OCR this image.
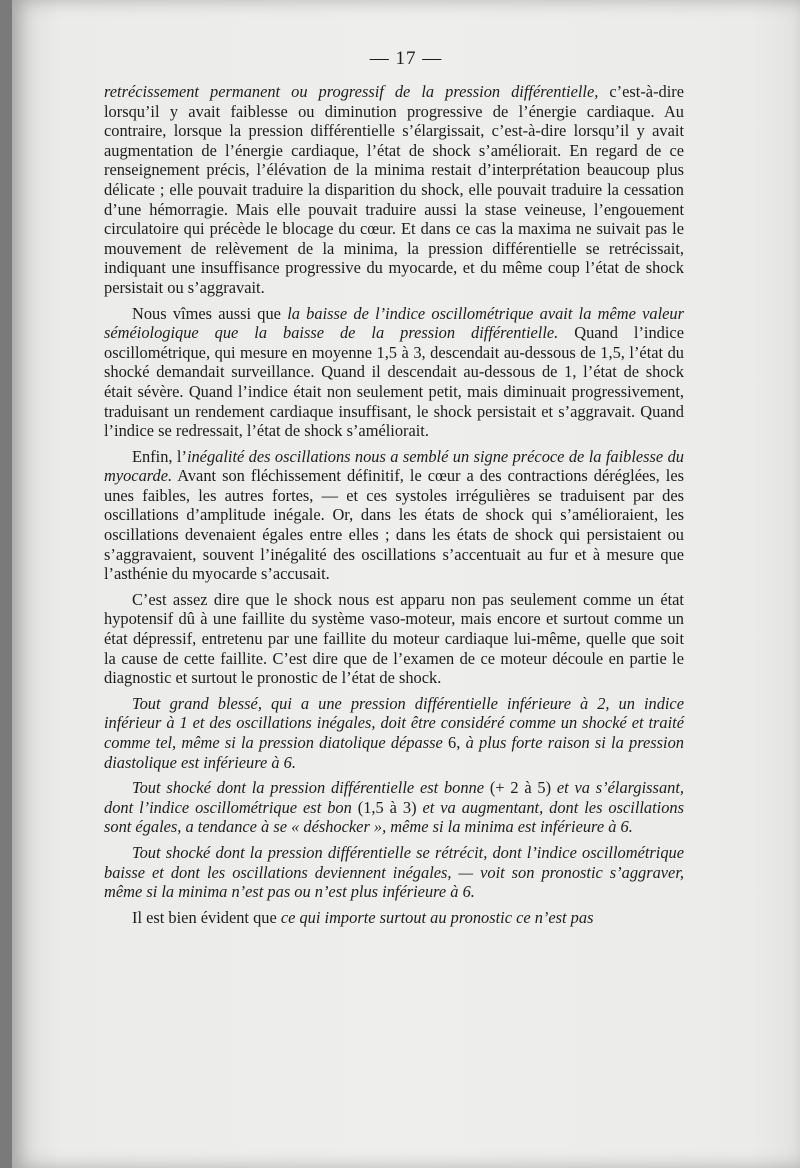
— 17 —

retrécissement permanent ou progressif de la pression différentielle, c’est-à-dire lorsqu’il y avait faiblesse ou diminution progressive de l’énergie cardiaque. Au contraire, lorsque la pression différentielle s’élargissait, c’est-à-dire lorsqu’il y avait augmentation de l’énergie cardiaque, l’état de shock s’améliorait. En regard de ce renseignement précis, l’élévation de la minima restait d’interprétation beaucoup plus délicate ; elle pouvait traduire la disparition du shock, elle pouvait traduire la cessation d’une hémorragie. Mais elle pouvait traduire aussi la stase veineuse, l’engouement circulatoire qui précède le blocage du cœur. Et dans ce cas la maxima ne suivait pas le mouvement de relèvement de la minima, la pression différentielle se retrécissait, indiquant une insuffisance progressive du myocarde, et du même coup l’état de shock persistait ou s’aggravait.

Nous vîmes aussi que la baisse de l’indice oscillométrique avait la même valeur séméiologique que la baisse de la pression différentielle. Quand l’indice oscillométrique, qui mesure en moyenne 1,5 à 3, descendait au-dessous de 1,5, l’état du shocké demandait surveillance. Quand il descendait au-dessous de 1, l’état de shock était sévère. Quand l’indice était non seulement petit, mais diminuait progressivement, traduisant un rendement cardiaque insuffisant, le shock persistait et s’aggravait. Quand l’indice se redressait, l’état de shock s’améliorait.

Enfin, l’inégalité des oscillations nous a semblé un signe précoce de la faiblesse du myocarde. Avant son fléchissement définitif, le cœur a des contractions déréglées, les unes faibles, les autres fortes, — et ces systoles irrégulières se traduisent par des oscillations d’amplitude inégale. Or, dans les états de shock qui s’amélioraient, les oscillations devenaient égales entre elles ; dans les états de shock qui persistaient ou s’aggravaient, souvent l’inégalité des oscillations s’accentuait au fur et à mesure que l’asthénie du myocarde s’accusait.

C’est assez dire que le shock nous est apparu non pas seulement comme un état hypotensif dû à une faillite du système vaso-moteur, mais encore et surtout comme un état dépressif, entretenu par une faillite du moteur cardiaque lui-même, quelle que soit la cause de cette faillite. C’est dire que de l’examen de ce moteur découle en partie le diagnostic et surtout le pronostic de l’état de shock.

Tout grand blessé, qui a une pression différentielle inférieure à 2, un indice inférieur à 1 et des oscillations inégales, doit être considéré comme un shocké et traité comme tel, même si la pression diatolique dépasse 6, à plus forte raison si la pression diastolique est inférieure à 6.

Tout shocké dont la pression différentielle est bonne (+ 2 à 5) et va s’élargissant, dont l’indice oscillométrique est bon (1,5 à 3) et va augmentant, dont les oscillations sont égales, a tendance à se « déshocker », même si la minima est inférieure à 6.

Tout shocké dont la pression différentielle se rétrécit, dont l’indice oscillométrique baisse et dont les oscillations deviennent inégales, — voit son pronostic s’aggraver, même si la minima n’est pas ou n’est plus inférieure à 6.

Il est bien évident que ce qui importe surtout au pronostic ce n’est pas
